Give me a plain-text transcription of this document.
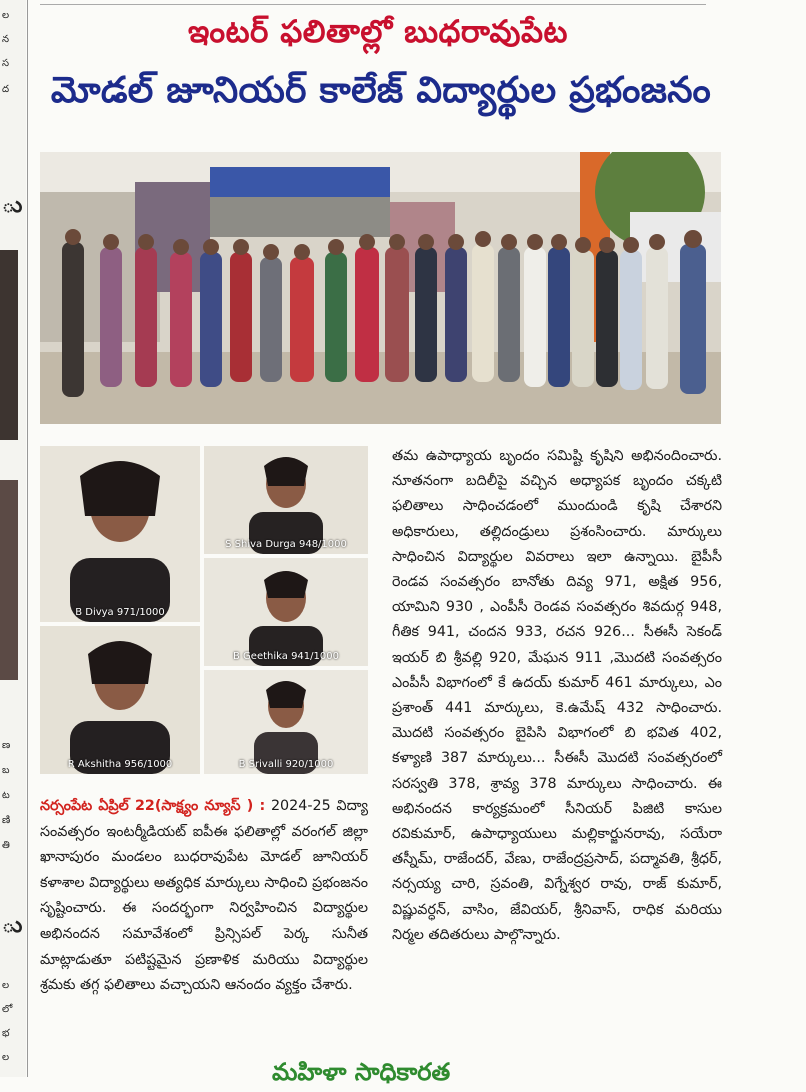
ల
న
స
ద
ు
ణ
బ
ట
ణి
తి
ు
ల
లో
భ
ల
ఇంటర్ ఫలితాల్లో బుధరావుపేట
మోడల్ జూనియర్ కాలేజ్ విద్యార్థుల ప్రభంజనం
B Divya 971/1000
S Shiva Durga 948/1000
B Geethika 941/1000
R Akshitha 956/1000	B Srivalli 920/1000
తమ ఉపాధ్యాయ బృందం సమిష్టి కృషిని అభినందించారు. నూతనంగా బదిలీపై వచ్చిన అధ్యాపక బృందం చక్కటి ఫలితాలు సాధించడంలో ముందుండి కృషి చేశారని అధికారులు, తల్లిదండ్రులు ప్రశంసించారు. మార్కులు సాధించిన విద్యార్థుల వివరాలు ఇలా ఉన్నాయి. బైపీసీ రెండవ సంవత్సరం బానోతు దివ్య 971, అక్షిత 956, యామిని 930 , ఎంపీసీ రెండవ సంవత్సరం శివదుర్గ 948, గీతిక 941, చందన 933, రచన 926... సీఈసీ సెకండ్ ఇయర్ బి శ్రీవల్లి 920, మేఘన 911 ,మొదటి సంవత్సరం ఎంపీసీ విభాగంలో కే ఉదయ్ కుమార్ 461 మార్కులు, ఎం ప్రశాంత్ 441 మార్కులు, కె.ఉమేష్ 432 సాధించారు. మొదటి సంవత్సరం బైపిసి విభాగంలో బి భవిత 402, కళ్యాణి 387 మార్కులు... సీఈసీ మొదటి సంవత్సరంలో సరస్వతి 378, శ్రావ్య 378 మార్కులు సాధించారు. ఈ అభినందన కార్యక్రమంలో సీనియర్ పిజిటి కాసుల రవికుమార్, ఉపాధ్యాయులు మల్లికార్జునరావు, సయేరా తస్నీమ్, రాజేందర్, వేణు, రాజేంద్రప్రసాద్, పద్మావతి, శ్రీధర్, నర్సయ్య చారి, స్రవంతి, విగ్నేశ్వర రావు, రాజ్ కుమార్, విష్ణువర్ధన్, వాసిం, జేవియర్, శ్రీనివాస్, రాధిక మరియు నిర్మల తదితరులు పాల్గొన్నారు.
నర్సంపేట ఏప్రిల్ 22(సాక్ష్యం న్యూస్ ) : 2024-25 విద్యా సంవత్సరం ఇంటర్మీడియట్ ఐపీఈ ఫలితాల్లో వరంగల్ జిల్లా ఖానాపురం మండలం బుధరావుపేట మోడల్ జూనియర్ కళాశాల విద్యార్థులు అత్యధిక మార్కులు సాధించి ప్రభంజనం సృష్టించారు. ఈ సందర్భంగా నిర్వహించిన విద్యార్థుల అభినందన సమావేశంలో ప్రిన్సిపల్ పెర్క సునీత మాట్లాడుతూ పటిష్టమైన ప్రణాళిక మరియు విద్యార్థుల శ్రమకు తగ్గ ఫలితాలు వచ్చాయని ఆనందం వ్యక్తం చేశారు.
మహిళా సాధికారత
